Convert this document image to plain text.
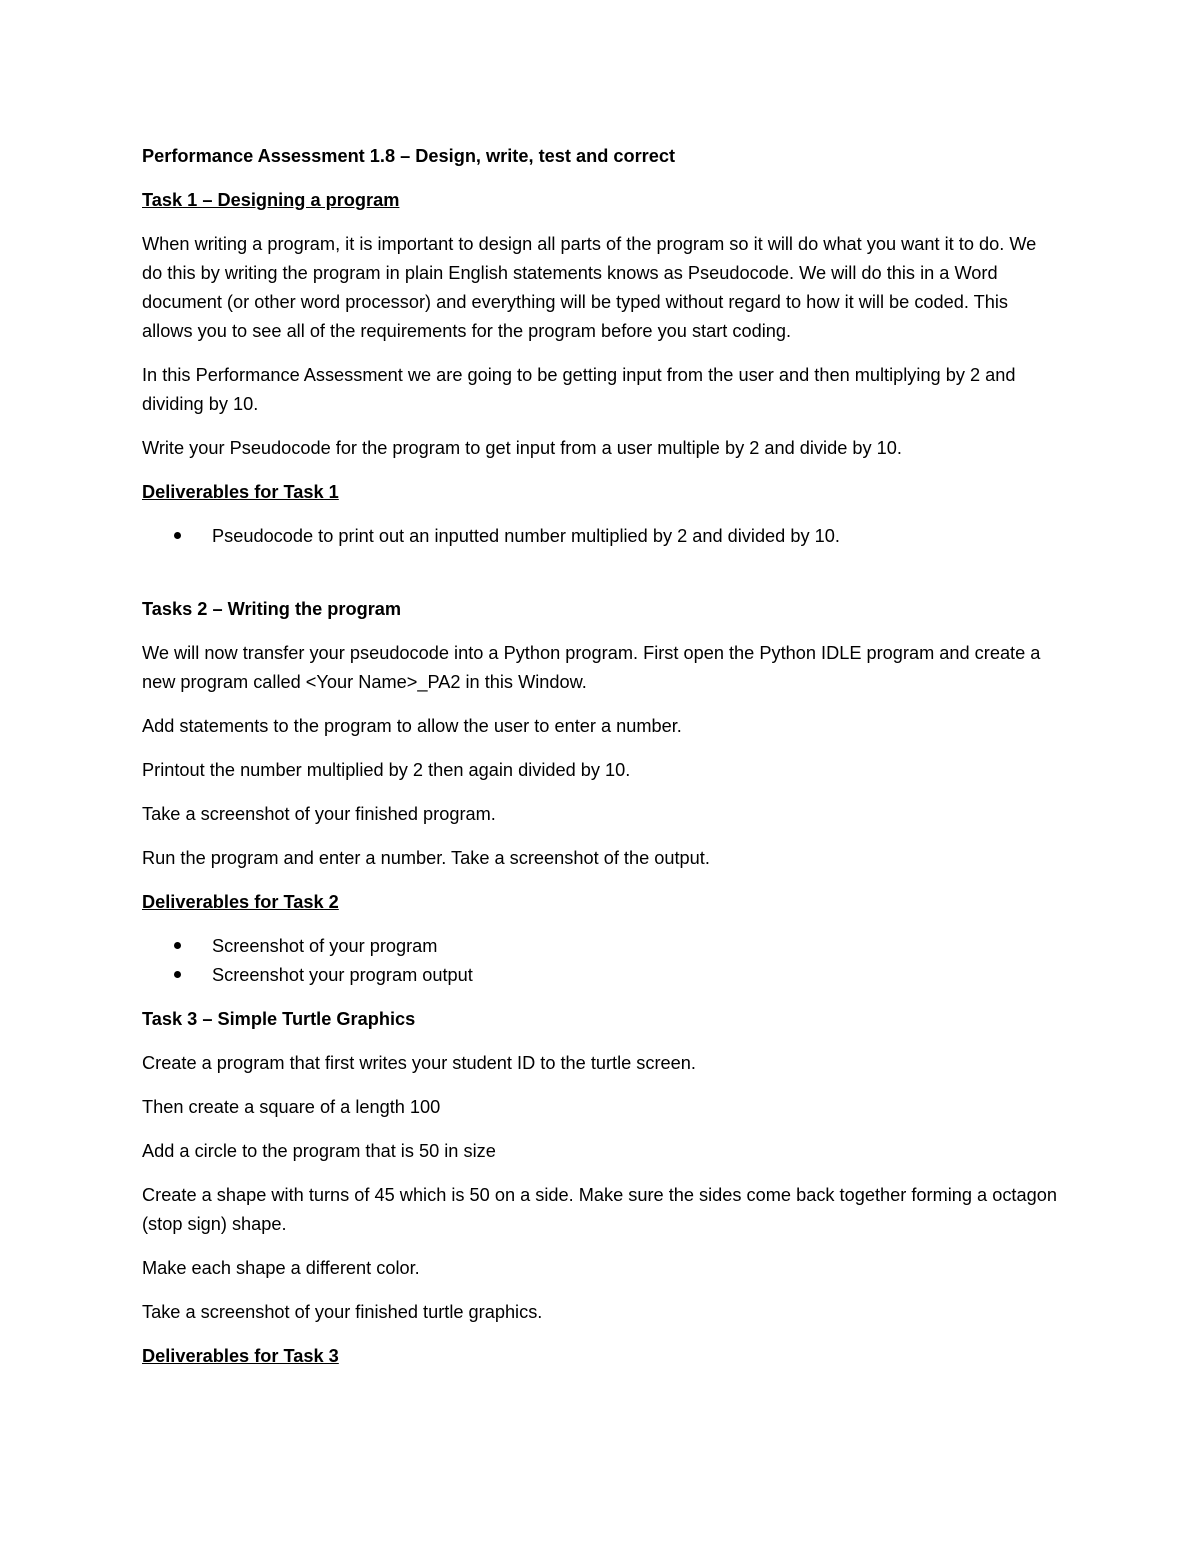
Performance Assessment 1.8 – Design, write, test and correct

Task 1 – Designing a program

When writing a program, it is important to design all parts of the program so it will do what you want it to do. We do this by writing the program in plain English statements knows as Pseudocode. We will do this in a Word document (or other word processor) and everything will be typed without regard to how it will be coded. This allows you to see all of the requirements for the program before you start coding.

In this Performance Assessment we are going to be getting input from the user and then multiplying by 2 and dividing by 10.

Write your Pseudocode for the program to get input from a user multiple by 2 and divide by 10.

Deliverables for Task 1

Pseudocode to print out an inputted number multiplied by 2 and divided by 10.

Tasks 2 – Writing the program

We will now transfer your pseudocode into a Python program. First open the Python IDLE program and create a new program called <Your Name>_PA2 in this Window.

Add statements to the program to allow the user to enter a number.

Printout the number multiplied by 2 then again divided by 10.

Take a screenshot of your finished program.

Run the program and enter a number. Take a screenshot of the output.

Deliverables for Task 2

Screenshot of your program
Screenshot your program output

Task 3 – Simple Turtle Graphics

Create a program that first writes your student ID to the turtle screen.

Then create a square of a length 100

Add a circle to the program that is 50 in size

Create a shape with turns of 45 which is 50 on a side. Make sure the sides come back together forming a octagon (stop sign) shape.

Make each shape a different color.

Take a screenshot of your finished turtle graphics.

Deliverables for Task 3
